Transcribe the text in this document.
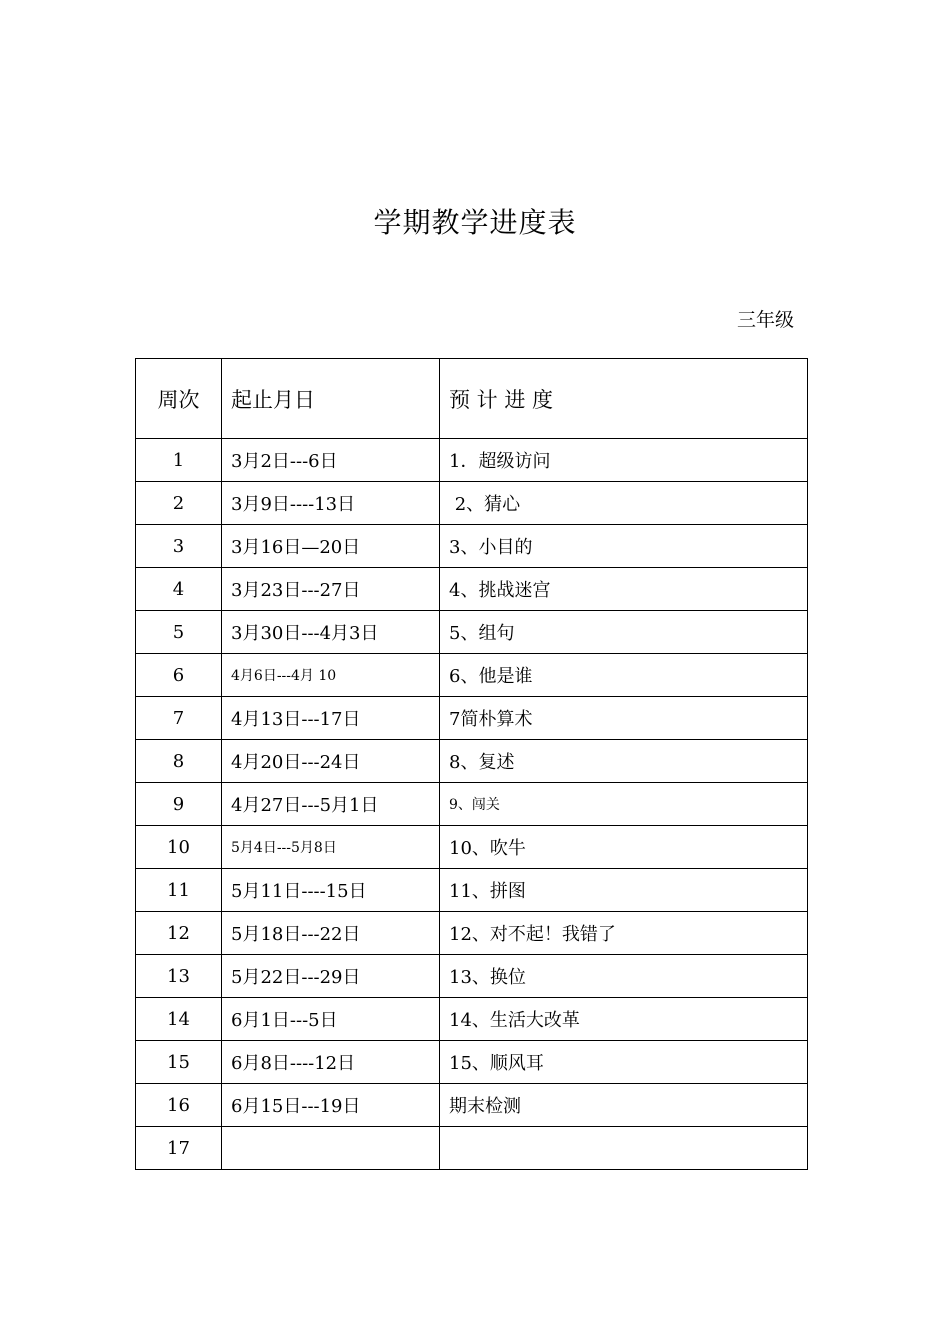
学期教学进度表
三年级
周次	起止月日	预 计 进 度
1	3月2日---6日	1．超级访问
2	3月9日----13日	2、猜心
3	3月16日—20日	3、小目的
4	3月23日---27日	4、挑战迷宫
5	3月30日---4月3日	5、组句
6	4月6日---4月 10	6、他是谁
7	4月13日---17日	7简朴算术
8	4月20日---24日	8、复述
9	4月27日---5月1日	9、闯关
10	5月4日---5月8日	10、吹牛
11	5月11日----15日	11、拼图
12	5月18日---22日	12、对不起！我错了
13	5月22日---29日	13、换位
14	6月1日---5日	14、生活大改革
15	6月8日----12日	15、顺风耳
16	6月15日---19日	期末检测
17		
